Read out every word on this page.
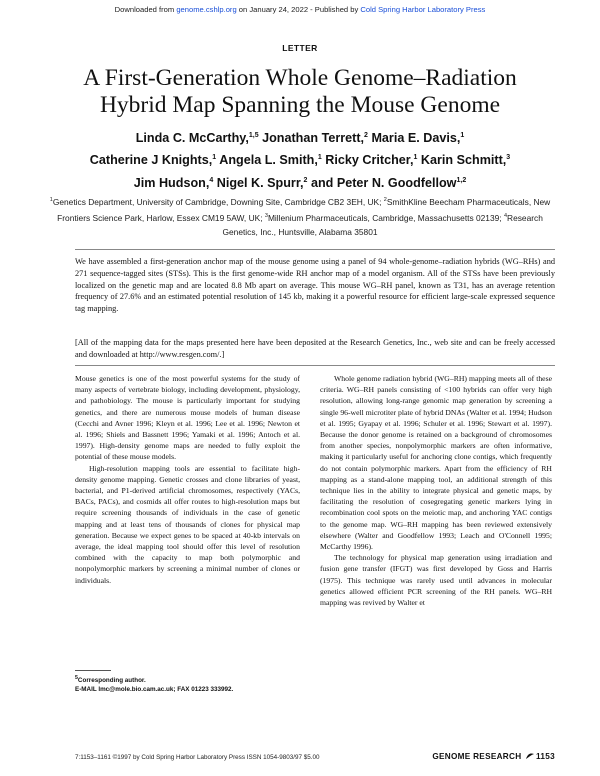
Downloaded from genome.cshlp.org on January 24, 2022 - Published by Cold Spring Harbor Laboratory Press
LETTER
A First-Generation Whole Genome–Radiation
Hybrid Map Spanning the Mouse Genome
Linda C. McCarthy,$^{1,5}$ Jonathan Terrett,$^2$ Maria E. Davis,$^1$
Catherine J Knights,$^1$ Angela L. Smith,$^1$ Ricky Critcher,$^1$ Karin Schmitt,$^3$
Jim Hudson,$^4$ Nigel K. Spurr,$^2$ and Peter N. Goodfellow$^{1,2}$
$^1$Genetics Department, University of Cambridge, Downing Site, Cambridge CB2 3EH, UK; $^2$SmithKline Beecham Pharmaceuticals, New Frontiers Science Park, Harlow, Essex CM19 5AW, UK; $^3$Millenium Pharmaceuticals, Cambridge, Massachusetts 02139; $^4$Research Genetics, Inc., Huntsville, Alabama 35801

We have assembled a first-generation anchor map of the mouse genome using a panel of 94 whole-genome–radiation hybrids (WG–RHs) and 271 sequence-tagged sites (STSs). This is the first genome-wide RH anchor map of a model organism. All of the STSs have been previously localized on the genetic map and are located 8.8 Mb apart on average. This mouse WG–RH panel, known as T31, has an average retention frequency of 27.6% and an estimated potential resolution of 145 kb, making it a powerful resource for efficient large-scale expressed sequence tag mapping.

[All of the mapping data for the maps presented here have been deposited at the Research Genetics, Inc., web site and can be freely accessed and downloaded at http://www.resgen.com/.]

Mouse genetics is one of the most powerful systems for the study of many aspects of vertebrate biology, including development, physiology, and pathobiology. The mouse is particularly important for studying genetics, and there are numerous mouse models of human disease (Cecchi and Avner 1996; Kleyn et al. 1996; Lee et al. 1996; Newton et al. 1996; Shiels and Bassnett 1996; Yamaki et al. 1996; Antoch et al. 1997). High-density genome maps are needed to fully exploit the potential of these mouse models.

High-resolution mapping tools are essential to facilitate high-density genome mapping. Genetic crosses and clone libraries of yeast, bacterial, and P1-derived artificial chromosomes, respectively (YACs, BACs, PACs), and cosmids all offer routes to high-resolution maps but require screening thousands of individuals in the case of genetic mapping and at least tens of thousands of clones for physical map generation. Because we expect genes to be spaced at 40-kb intervals on average, the ideal mapping tool should offer this level of resolution combined with the capacity to map both polymorphic and nonpolymorphic markers by screening a minimal number of clones or individuals.

Whole genome radiation hybrid (WG–RH) mapping meets all of these criteria. WG–RH panels consisting of <100 hybrids can offer very high resolution, allowing long-range genomic map generation by screening a single 96-well microtiter plate of hybrid DNAs (Walter et al. 1994; Hudson et al. 1995; Gyapay et al. 1996; Schuler et al. 1996; Stewart et al. 1997). Because the donor genome is retained on a background of chromosomes from another species, nonpolymorphic markers are often informative, making it particularly useful for anchoring clone contigs, which frequently do not contain polymorphic markers. Apart from the efficiency of RH mapping as a stand-alone mapping tool, an additional strength of this technique lies in the ability to integrate physical and genetic maps, by facilitating the resolution of cosegregating genetic markers lying in recombination cool spots on the meiotic map, and anchoring YAC contigs to the genome map. WG–RH mapping has been reviewed extensively elsewhere (Walter and Goodfellow 1993; Leach and O'Connell 1995; McCarthy 1996).

The technology for physical map generation using irradiation and fusion gene transfer (IFGT) was first developed by Goss and Harris (1975). This technique was rarely used until advances in molecular genetics allowed efficient PCR screening of the RH panels. WG–RH mapping was revived by Walter et

$^5$Corresponding author.
E-MAIL lmc@mole.bio.cam.ac.uk; FAX 01223 333992.
7:1153–1161 ©1997 by Cold Spring Harbor Laboratory Press ISSN 1054-9803/97 $5.00	GENOME RESEARCH 1153
